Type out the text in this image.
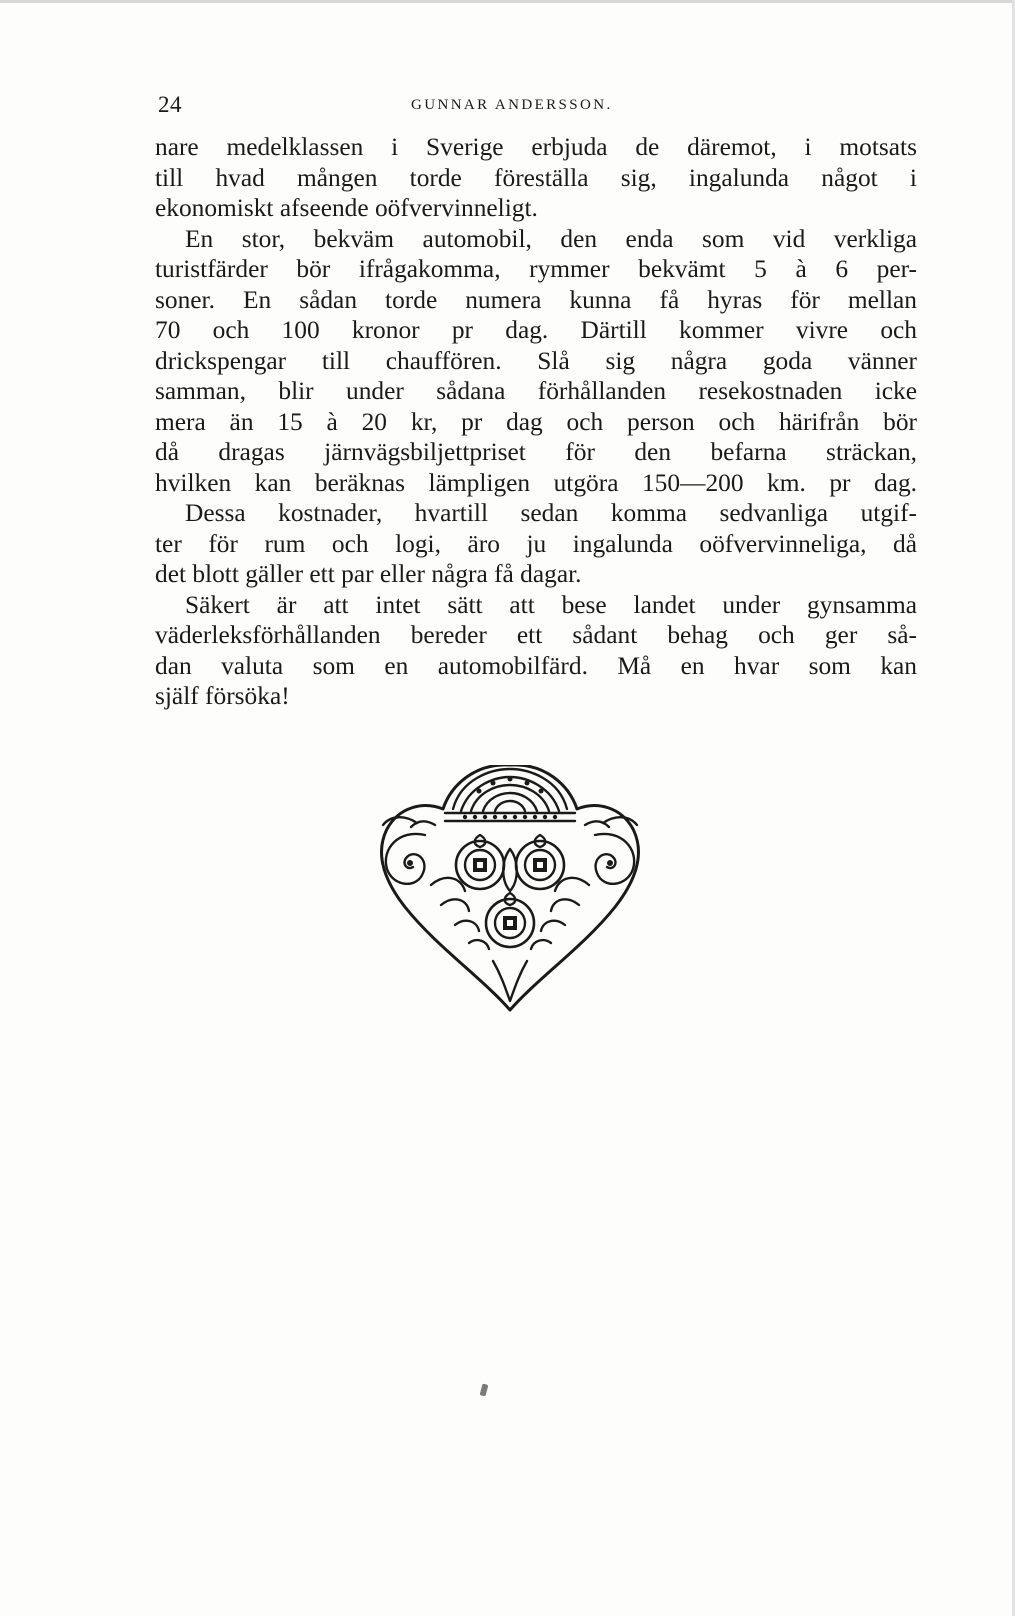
24	GUNNAR ANDERSSON.
nare medelklassen i Sverige erbjuda de däremot, i motsats
till hvad mången torde föreställa sig, ingalunda något i
ekonomiskt afseende oöfvervinneligt.
En stor, bekväm automobil, den enda som vid verkliga
turistfärder bör ifrågakomma, rymmer bekvämt 5 à 6 per-
soner. En sådan torde numera kunna få hyras för mellan
70 och 100 kronor pr dag. Därtill kommer vivre och
drickspengar till chauffören. Slå sig några goda vänner
samman, blir under sådana förhållanden resekostnaden icke
mera än 15 à 20 kr, pr dag och person och härifrån bör
då dragas järnvägsbiljettpriset för den befarna sträckan,
hvilken kan beräknas lämpligen utgöra 150—200 km. pr dag.
Dessa kostnader, hvartill sedan komma sedvanliga utgif-
ter för rum och logi, äro ju ingalunda oöfvervinneliga, då
det blott gäller ett par eller några få dagar.
Säkert är att intet sätt att bese landet under gynsamma
väderleksförhållanden bereder ett sådant behag och ger så-
dan valuta som en automobilfärd. Må en hvar som kan
själf försöka!
